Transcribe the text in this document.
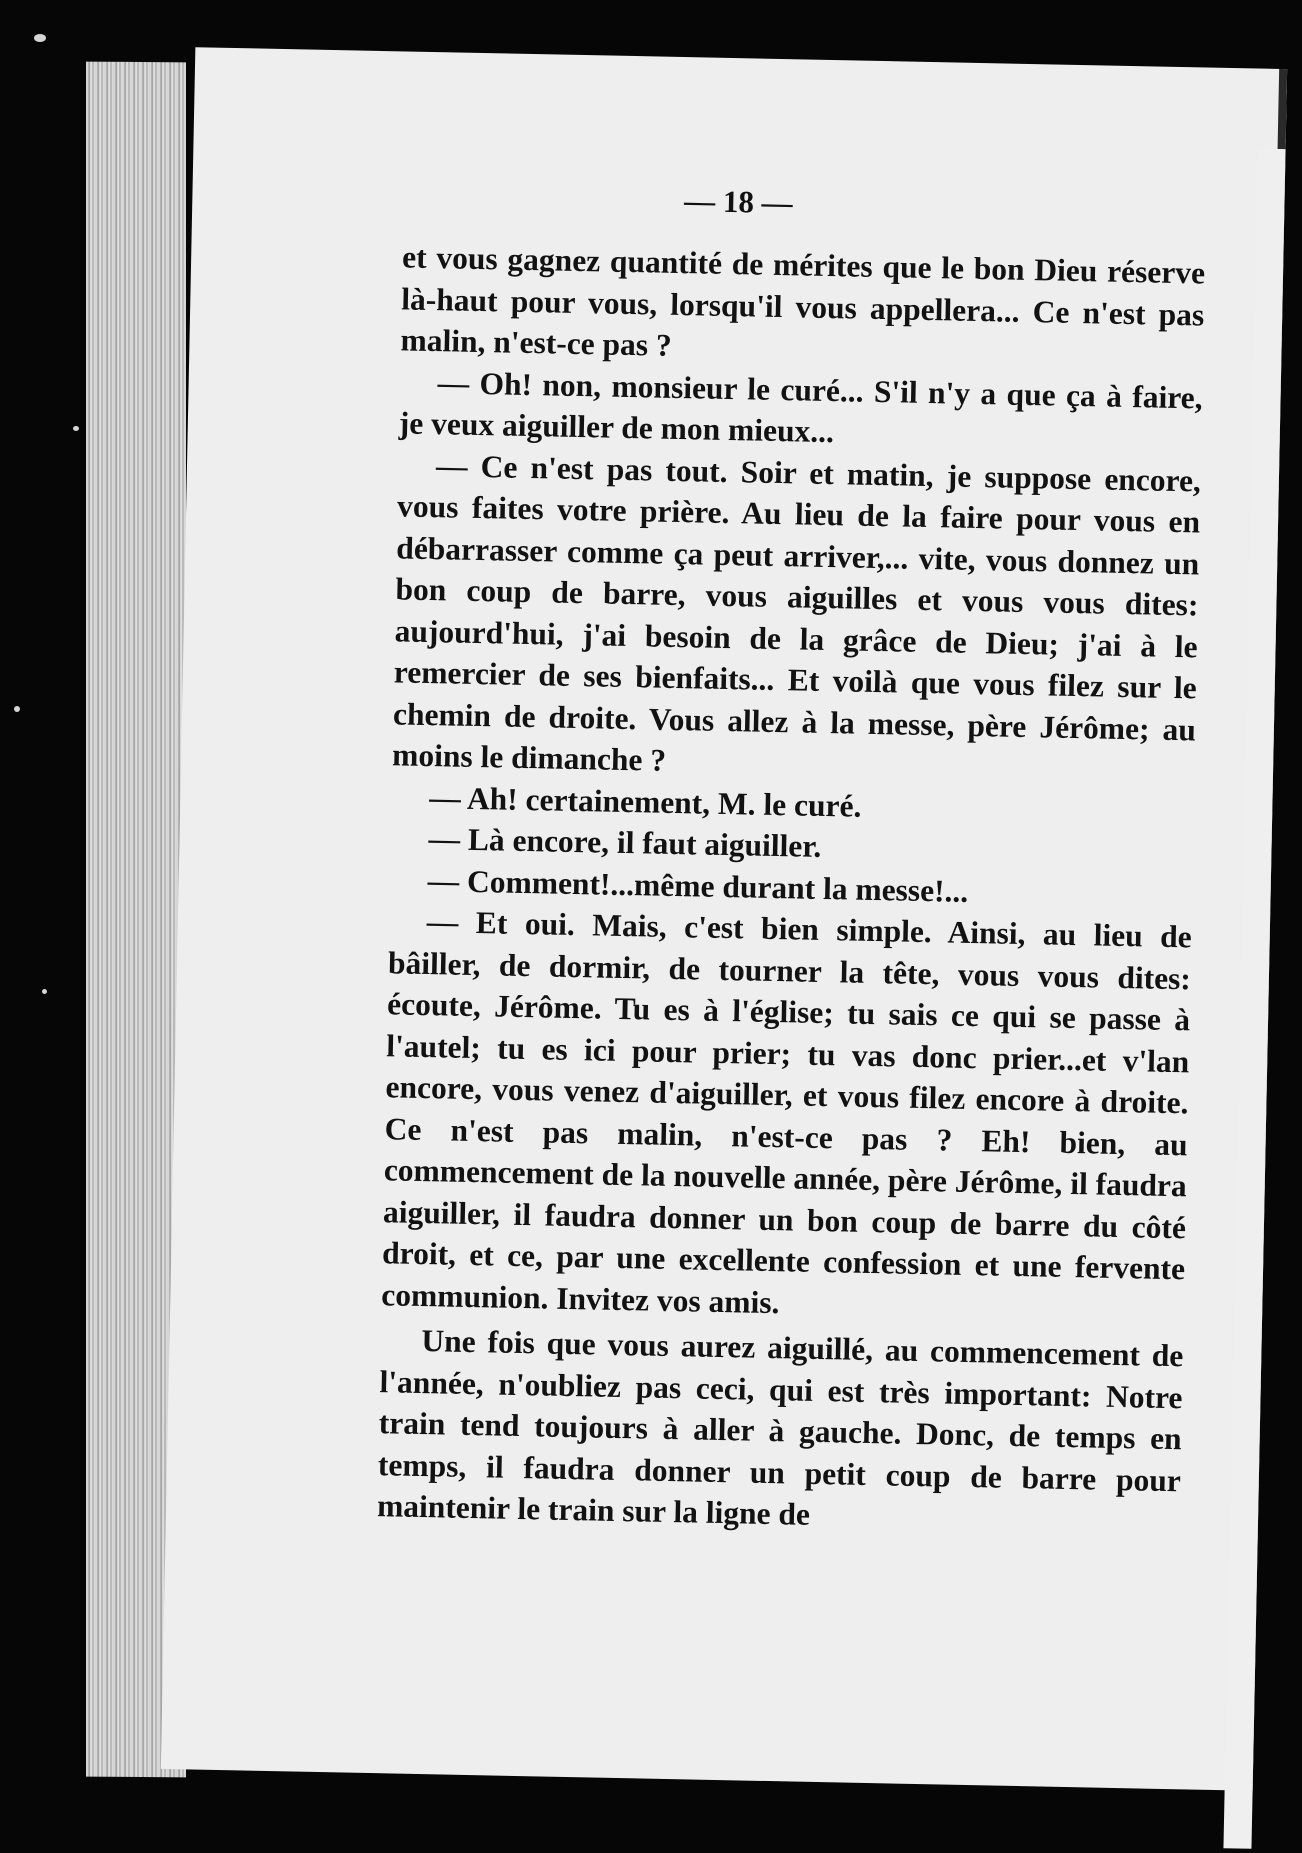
— 18 —

et vous gagnez quantité de mérites que le bon Dieu réserve là-haut pour vous, lorsqu'il vous appellera... Ce n'est pas malin, n'est-ce pas ?

— Oh! non, monsieur le curé... S'il n'y a que ça à faire, je veux aiguiller de mon mieux...

— Ce n'est pas tout. Soir et matin, je suppose encore, vous faites votre prière. Au lieu de la faire pour vous en débarrasser comme ça peut arriver,... vite, vous donnez un bon coup de barre, vous aiguilles et vous vous dites: aujourd'hui, j'ai besoin de la grâce de Dieu; j'ai à le remercier de ses bienfaits... Et voilà que vous filez sur le chemin de droite. Vous allez à la messe, père Jérôme; au moins le dimanche ?

— Ah! certainement, M. le curé.

— Là encore, il faut aiguiller.

— Comment!...même durant la messe!...

— Et oui. Mais, c'est bien simple. Ainsi, au lieu de bâiller, de dormir, de tourner la tête, vous vous dites: écoute, Jérôme. Tu es à l'église; tu sais ce qui se passe à l'autel; tu es ici pour prier; tu vas donc prier...et v'lan encore, vous venez d'aiguiller, et vous filez encore à droite. Ce n'est pas malin, n'est-ce pas ? Eh! bien, au commencement de la nouvelle année, père Jérôme, il faudra aiguiller, il faudra donner un bon coup de barre du côté droit, et ce, par une excellente confession et une fervente communion. Invitez vos amis.

Une fois que vous aurez aiguillé, au commencement de l'année, n'oubliez pas ceci, qui est très important: Notre train tend toujours à aller à gauche. Donc, de temps en temps, il faudra donner un petit coup de barre pour maintenir le train sur la ligne de
